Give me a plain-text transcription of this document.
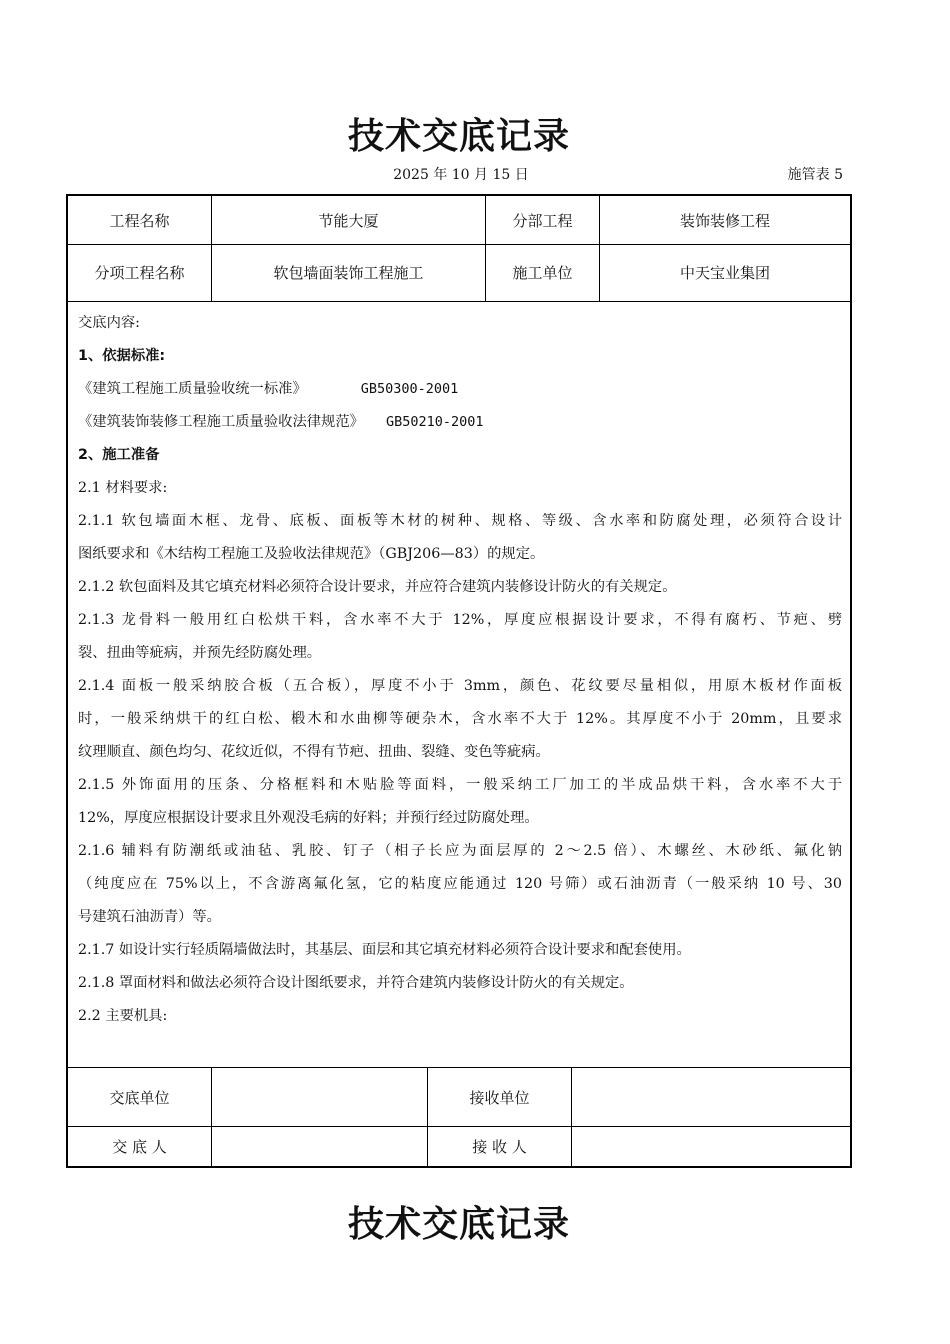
技术交底记录
2025 年 10 月 15 日	施管表 5
工程名称	节能大厦	分部工程	装饰装修工程
分项工程名称	软包墙面装饰工程施工	施工单位	中天宝业集团

交底内容:

1、依据标准:

《建筑工程施工质量验收统一标准》	GB50300-2001

《建筑装饰装修工程施工质量验收法律规范》 GB50210-2001

2、施工准备

2.1 材料要求:

2.1.1 软包墙面木框、龙骨、底板、面板等木材的树种、规格、等级、含水率和防腐处理，必须符合设计

图纸要求和《木结构工程施工及验收法律规范》（GBJ206—83）的规定。

2.1.2 软包面料及其它填充材料必须符合设计要求，并应符合建筑内装修设计防火的有关规定。

2.1.3 龙骨料一般用红白松烘干料，含水率不大于 12%，厚度应根据设计要求，不得有腐朽、节疤、劈

裂、扭曲等疵病，并预先经防腐处理。

2.1.4 面板一般采纳胶合板（五合板），厚度不小于 3mm，颜色、花纹要尽量相似，用原木板材作面板

时，一般采纳烘干的红白松、椴木和水曲柳等硬杂木，含水率不大于 12%。其厚度不小于 20mm，且要求

纹理顺直、颜色均匀、花纹近似，不得有节疤、扭曲、裂缝、变色等疵病。

2.1.5 外饰面用的压条、分格框料和木贴脸等面料，一般采纳工厂加工的半成品烘干料，含水率不大于

12%，厚度应根据设计要求且外观没毛病的好料；并预行经过防腐处理。

2.1.6 辅料有防潮纸或油毡、乳胶、钉子（相子长应为面层厚的 2～2.5 倍）、木螺丝、木砂纸、氟化钠

（纯度应在 75%以上，不含游离氟化氢，它的粘度应能通过 120 号筛）或石油沥青（一般采纳 10 号、30

号建筑石油沥青）等。

2.1.7 如设计实行轻质隔墙做法时，其基层、面层和其它填充材料必须符合设计要求和配套使用。

2.1.8 罩面材料和做法必须符合设计图纸要求，并符合建筑内装修设计防火的有关规定。

2.2 主要机具:

交底单位	接收单位
交 底 人	接 收 人
技术交底记录
